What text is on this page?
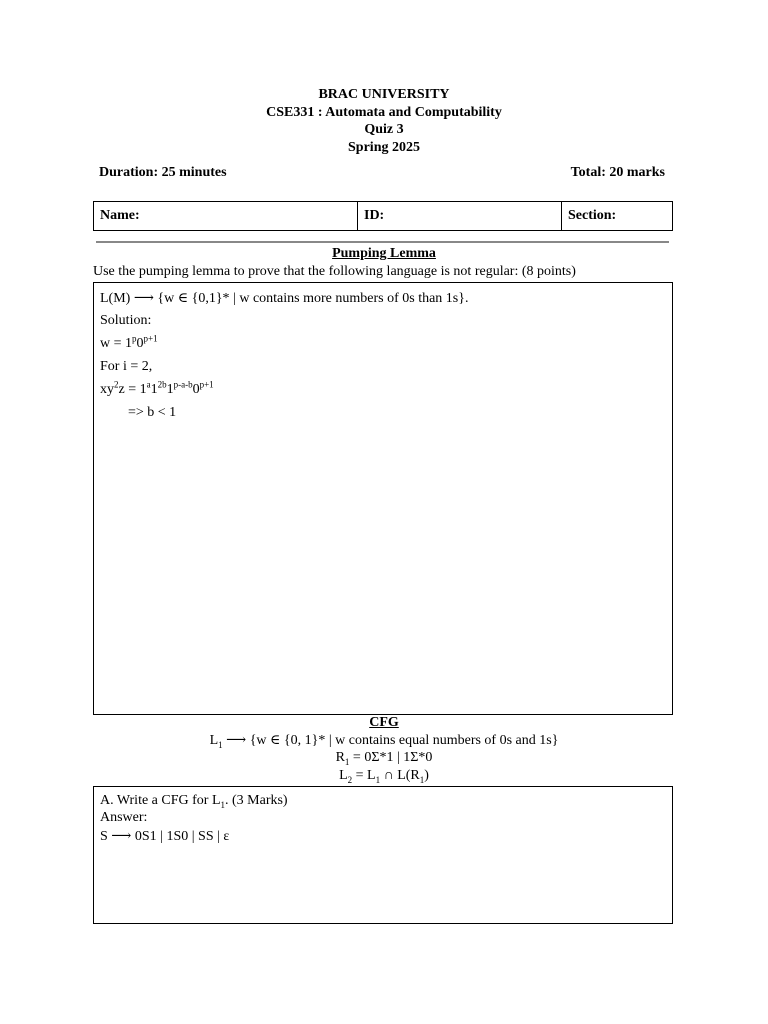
BRAC UNIVERSITY
CSE331 : Automata and Computability
Quiz 3
Spring 2025
Duration: 25 minutes	Total: 20 marks
Name:	ID:	Section:
Pumping Lemma
Use the pumping lemma to prove that the following language is not regular: (8 points)
L(M) ⟶ {w ∈ {0,1}* | w contains more numbers of 0s than 1s}.
Solution:
$w = 1^p0^{p+1}$
For i = 2,
$xy^2z = 1^a1^{2b}1^{p-a-b}0^{p+1}$
=> b < 1
CFG
$L_1$ ⟶ {w ∈ {0, 1}* | w contains equal numbers of 0s and 1s}
$R_1 = 0\Sigma*1$ | 1Σ*0
$L_2 = L_1$ ∩ $L(R_1)$
A. Write a CFG for $L_1$. (3 Marks)
Answer:
S ⟶ 0S1 | 1S0 | SS | ε
